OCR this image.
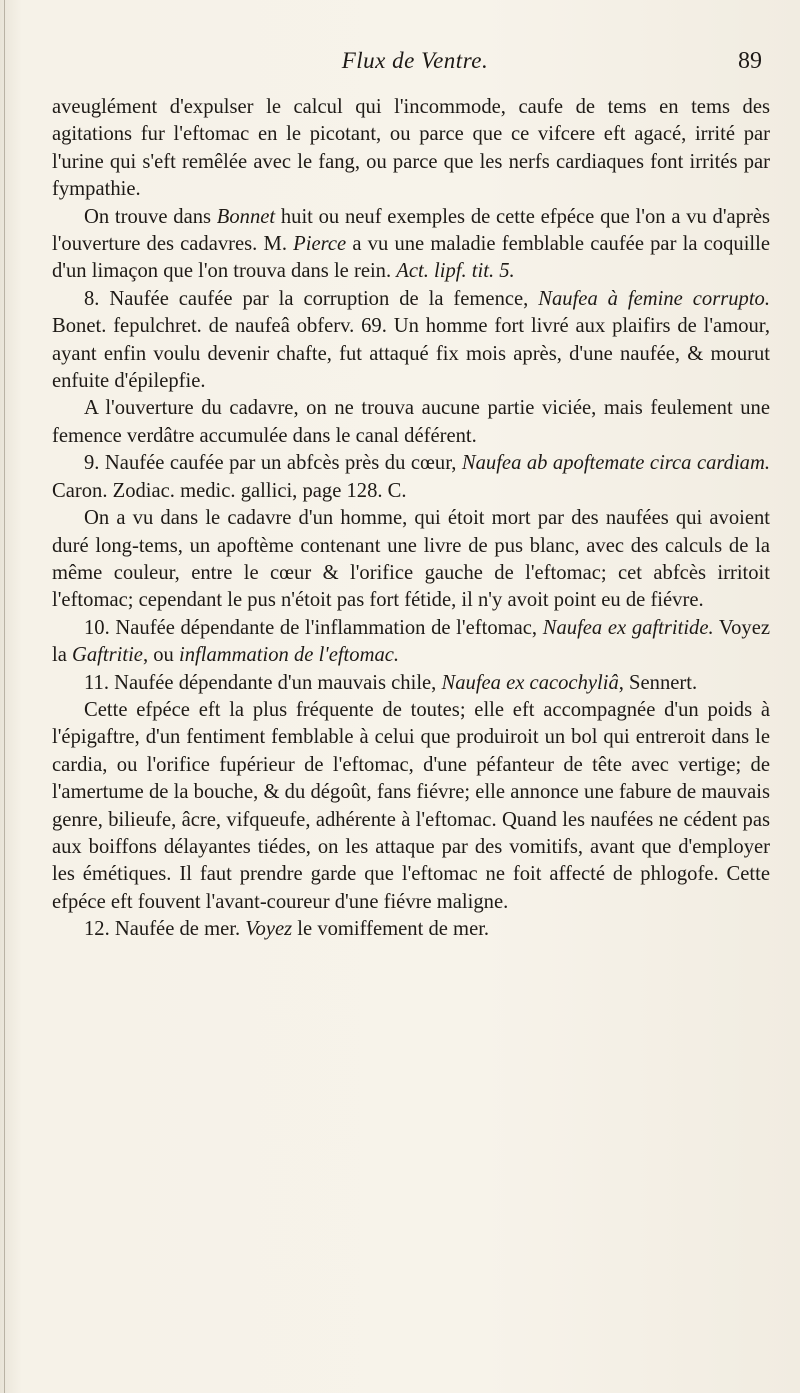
Flux de Ventre.	89

aveuglément d'expulser le calcul qui l'incommode, caufe de tems en tems des agitations fur l'eftomac en le picotant, ou parce que ce vifcere eft agacé, irrité par l'urine qui s'eft remêlée avec le fang, ou parce que les nerfs cardiaques font irrités par fympathie.

On trouve dans Bonnet huit ou neuf exemples de cette efpéce que l'on a vu d'après l'ouverture des cadavres. M. Pierce a vu une maladie femblable caufée par la coquille d'un limaçon que l'on trouva dans le rein. Act. lipf. tit. 5.

8. Naufée caufée par la corruption de la femence, Naufea à femine corrupto. Bonet. fepulchret. de naufeâ obferv. 69. Un homme fort livré aux plaifirs de l'amour, ayant enfin voulu devenir chafte, fut attaqué fix mois après, d'une naufée, & mourut enfuite d'épilepfie.

A l'ouverture du cadavre, on ne trouva aucune partie viciée, mais feulement une femence verdâtre accumulée dans le canal déférent.

9. Naufée caufée par un abfcès près du cœur, Naufea ab apoftemate circa cardiam. Caron. Zodiac. medic. gallici, page 128. C.

On a vu dans le cadavre d'un homme, qui étoit mort par des naufées qui avoient duré long-tems, un apoftème contenant une livre de pus blanc, avec des calculs de la même couleur, entre le cœur & l'orifice gauche de l'eftomac; cet abfcès irritoit l'eftomac; cependant le pus n'étoit pas fort fétide, il n'y avoit point eu de fiévre.

10. Naufée dépendante de l'inflammation de l'eftomac, Naufea ex gaftritide. Voyez la Gaftritie, ou inflammation de l'eftomac.

11. Naufée dépendante d'un mauvais chile, Naufea ex cacochyliâ, Sennert.

Cette efpéce eft la plus fréquente de toutes; elle eft accompagnée d'un poids à l'épigaftre, d'un fentiment femblable à celui que produiroit un bol qui entreroit dans le cardia, ou l'orifice fupérieur de l'eftomac, d'une péfanteur de tête avec vertige; de l'amertume de la bouche, & du dégoût, fans fiévre; elle annonce une fabure de mauvais genre, bilieufe, âcre, vifqueufe, adhérente à l'eftomac. Quand les naufées ne cédent pas aux boiffons délayantes tiédes, on les attaque par des vomitifs, avant que d'employer les émétiques. Il faut prendre garde que l'eftomac ne foit affecté de phlogofe. Cette efpéce eft fouvent l'avant-coureur d'une fiévre maligne.

12. Naufée de mer. Voyez le vomiffement de mer.
